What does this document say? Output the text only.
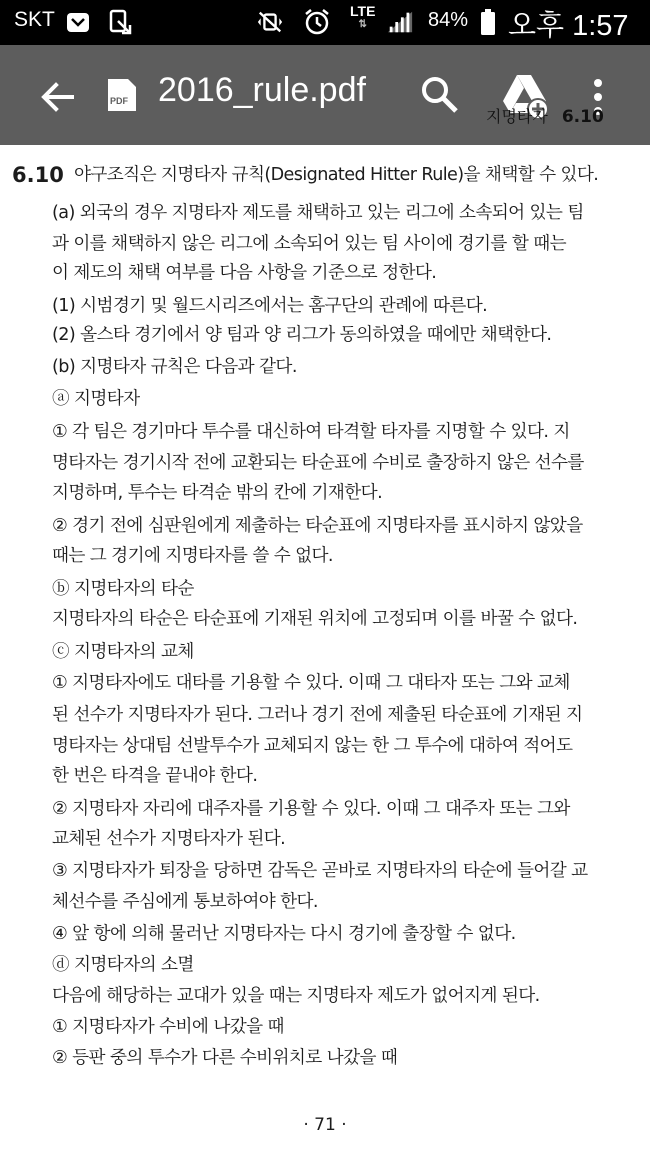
SKT	LTE
⇅	84% 오후 1:57
PDF 2016_rule.pdf
지명타자 6.10
6.10 야구조직은 지명타자 규칙(Designated Hitter Rule)을 채택할 수 있다.
(a) 외국의 경우 지명타자 제도를 채택하고 있는 리그에 소속되어 있는 팀
과 이를 채택하지 않은 리그에 소속되어 있는 팀 사이에 경기를 할 때는
이 제도의 채택 여부를 다음 사항을 기준으로 정한다.
(1) 시범경기 및 월드시리즈에서는 홈구단의 관례에 따른다.
(2) 올스타 경기에서 양 팀과 양 리그가 동의하였을 때에만 채택한다.
(b) 지명타자 규칙은 다음과 같다.
ⓐ 지명타자
① 각 팀은 경기마다 투수를 대신하여 타격할 타자를 지명할 수 있다. 지
명타자는 경기시작 전에 교환되는 타순표에 수비로 출장하지 않은 선수를
지명하며, 투수는 타격순 밖의 칸에 기재한다.
② 경기 전에 심판원에게 제출하는 타순표에 지명타자를 표시하지 않았을
때는 그 경기에 지명타자를 쓸 수 없다.
ⓑ 지명타자의 타순
지명타자의 타순은 타순표에 기재된 위치에 고정되며 이를 바꿀 수 없다.
ⓒ 지명타자의 교체
① 지명타자에도 대타를 기용할 수 있다. 이때 그 대타자 또는 그와 교체
된 선수가 지명타자가 된다. 그러나 경기 전에 제출된 타순표에 기재된 지
명타자는 상대팀 선발투수가 교체되지 않는 한 그 투수에 대하여 적어도
한 번은 타격을 끝내야 한다.
② 지명타자 자리에 대주자를 기용할 수 있다. 이때 그 대주자 또는 그와
교체된 선수가 지명타자가 된다.
③ 지명타자가 퇴장을 당하면 감독은 곧바로 지명타자의 타순에 들어갈 교
체선수를 주심에게 통보하여야 한다.
④ 앞 항에 의해 물러난 지명타자는 다시 경기에 출장할 수 없다.
ⓓ 지명타자의 소멸
다음에 해당하는 교대가 있을 때는 지명타자 제도가 없어지게 된다.
① 지명타자가 수비에 나갔을 때
② 등판 중의 투수가 다른 수비위치로 나갔을 때
· 71 ·
